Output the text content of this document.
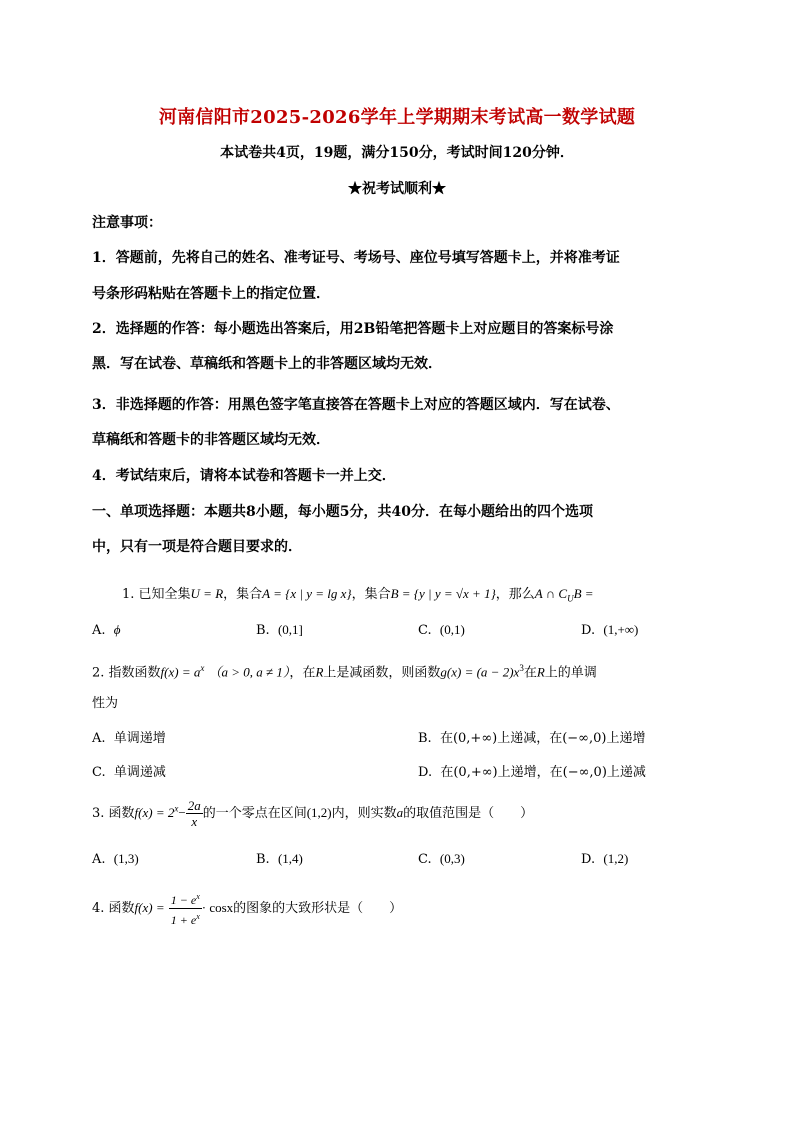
河南信阳市2025-2026学年上学期期末考试高一数学试题
本试卷共4页，19题，满分150分，考试时间120分钟．
★祝考试顺利★
注意事项：
1．答题前，先将自己的姓名、准考证号、考场号、座位号填写答题卡上，并将准考证
号条形码粘贴在答题卡上的指定位置．
2．选择题的作答：每小题选出答案后，用2B铅笔把答题卡上对应题目的答案标号涂
黑．写在试卷、草稿纸和答题卡上的非答题区域均无效．
3．非选择题的作答：用黑色签字笔直接答在答题卡上对应的答题区域内．写在试卷、
草稿纸和答题卡的非答题区域均无效．
4．考试结束后，请将本试卷和答题卡一并上交．
一、单项选择题：本题共8小题，每小题5分，共40分．在每小题给出的四个选项
中，只有一项是符合题目要求的．
1. 已知全集U = R，集合A = {x | y = lg x}，集合B = {y | y = √x + 1}，那么A ∩ $C_UB$ =
A. ϕ	B. (0,1]	C. (0,1)	D. (1,+∞)
2. 指数函数$f(x) = a^x$ （a > 0, a ≠ 1），在R上是减函数，则函数$g(x) = (a - 2)x^3$在R上的单调
性为
A. 单调递增	B. 在(0,+∞)上递减，在(−∞,0)上递增
C. 单调递减	D. 在(0,+∞)上递增，在(−∞,0)上递减
3. 函数$f(x) = 2^x- \frac{2a}{x}$ 的一个零点在区间(1,2)内，则实数a的取值范围是（　　）
A. (1,3)	B. (1,4)	C. (0,3)	D. (1,2)
4. 函数$f(x) = \frac{1 - e^x}{1 + e^x} \cdot \cos x$的图象的大致形状是（　　）
